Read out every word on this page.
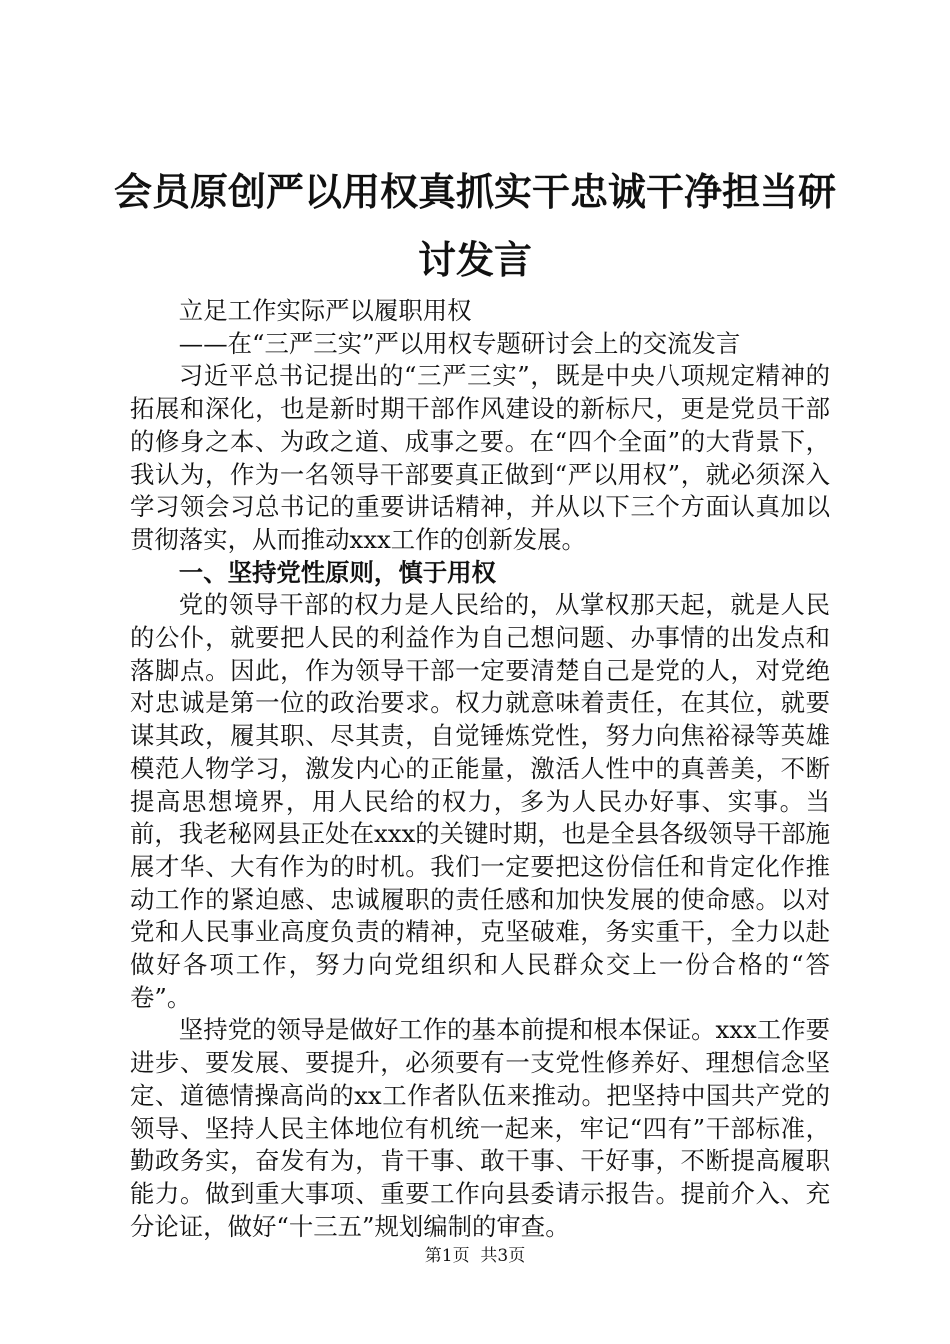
会员原创严以用权真抓实干忠诚干净担当研讨发言

立足工作实际严以履职用权

——在“三严三实”严以用权专题研讨会上的交流发言

习近平总书记提出的“三严三实”，既是中央八项规定精神的拓展和深化，也是新时期干部作风建设的新标尺，更是党员干部的修身之本、为政之道、成事之要。在“四个全面”的大背景下，我认为，作为一名领导干部要真正做到“严以用权”，就必须深入学习领会习总书记的重要讲话精神，并从以下三个方面认真加以贯彻落实，从而推动xxx工作的创新发展。

一、坚持党性原则，慎于用权

党的领导干部的权力是人民给的，从掌权那天起，就是人民的公仆，就要把人民的利益作为自己想问题、办事情的出发点和落脚点。因此，作为领导干部一定要清楚自己是党的人，对党绝对忠诚是第一位的政治要求。权力就意味着责任，在其位，就要谋其政，履其职、尽其责，自觉锤炼党性，努力向焦裕禄等英雄模范人物学习，激发内心的正能量，激活人性中的真善美，不断提高思想境界，用人民给的权力，多为人民办好事、实事。当前，我老秘网县正处在xxx的关键时期，也是全县各级领导干部施展才华、大有作为的时机。我们一定要把这份信任和肯定化作推动工作的紧迫感、忠诚履职的责任感和加快发展的使命感。以对党和人民事业高度负责的精神，克坚破难，务实重干，全力以赴做好各项工作，努力向党组织和人民群众交上一份合格的“答卷”。

坚持党的领导是做好工作的基本前提和根本保证。xxx工作要进步、要发展、要提升，必须要有一支党性修养好、理想信念坚定、道德情操高尚的xx工作者队伍来推动。把坚持中国共产党的领导、坚持人民主体地位有机统一起来，牢记“四有”干部标准，勤政务实，奋发有为，肯干事、敢干事、干好事，不断提高履职能力。做到重大事项、重要工作向县委请示报告。提前介入、充分论证，做好“十三五”规划编制的审查。

第1页  共3页
